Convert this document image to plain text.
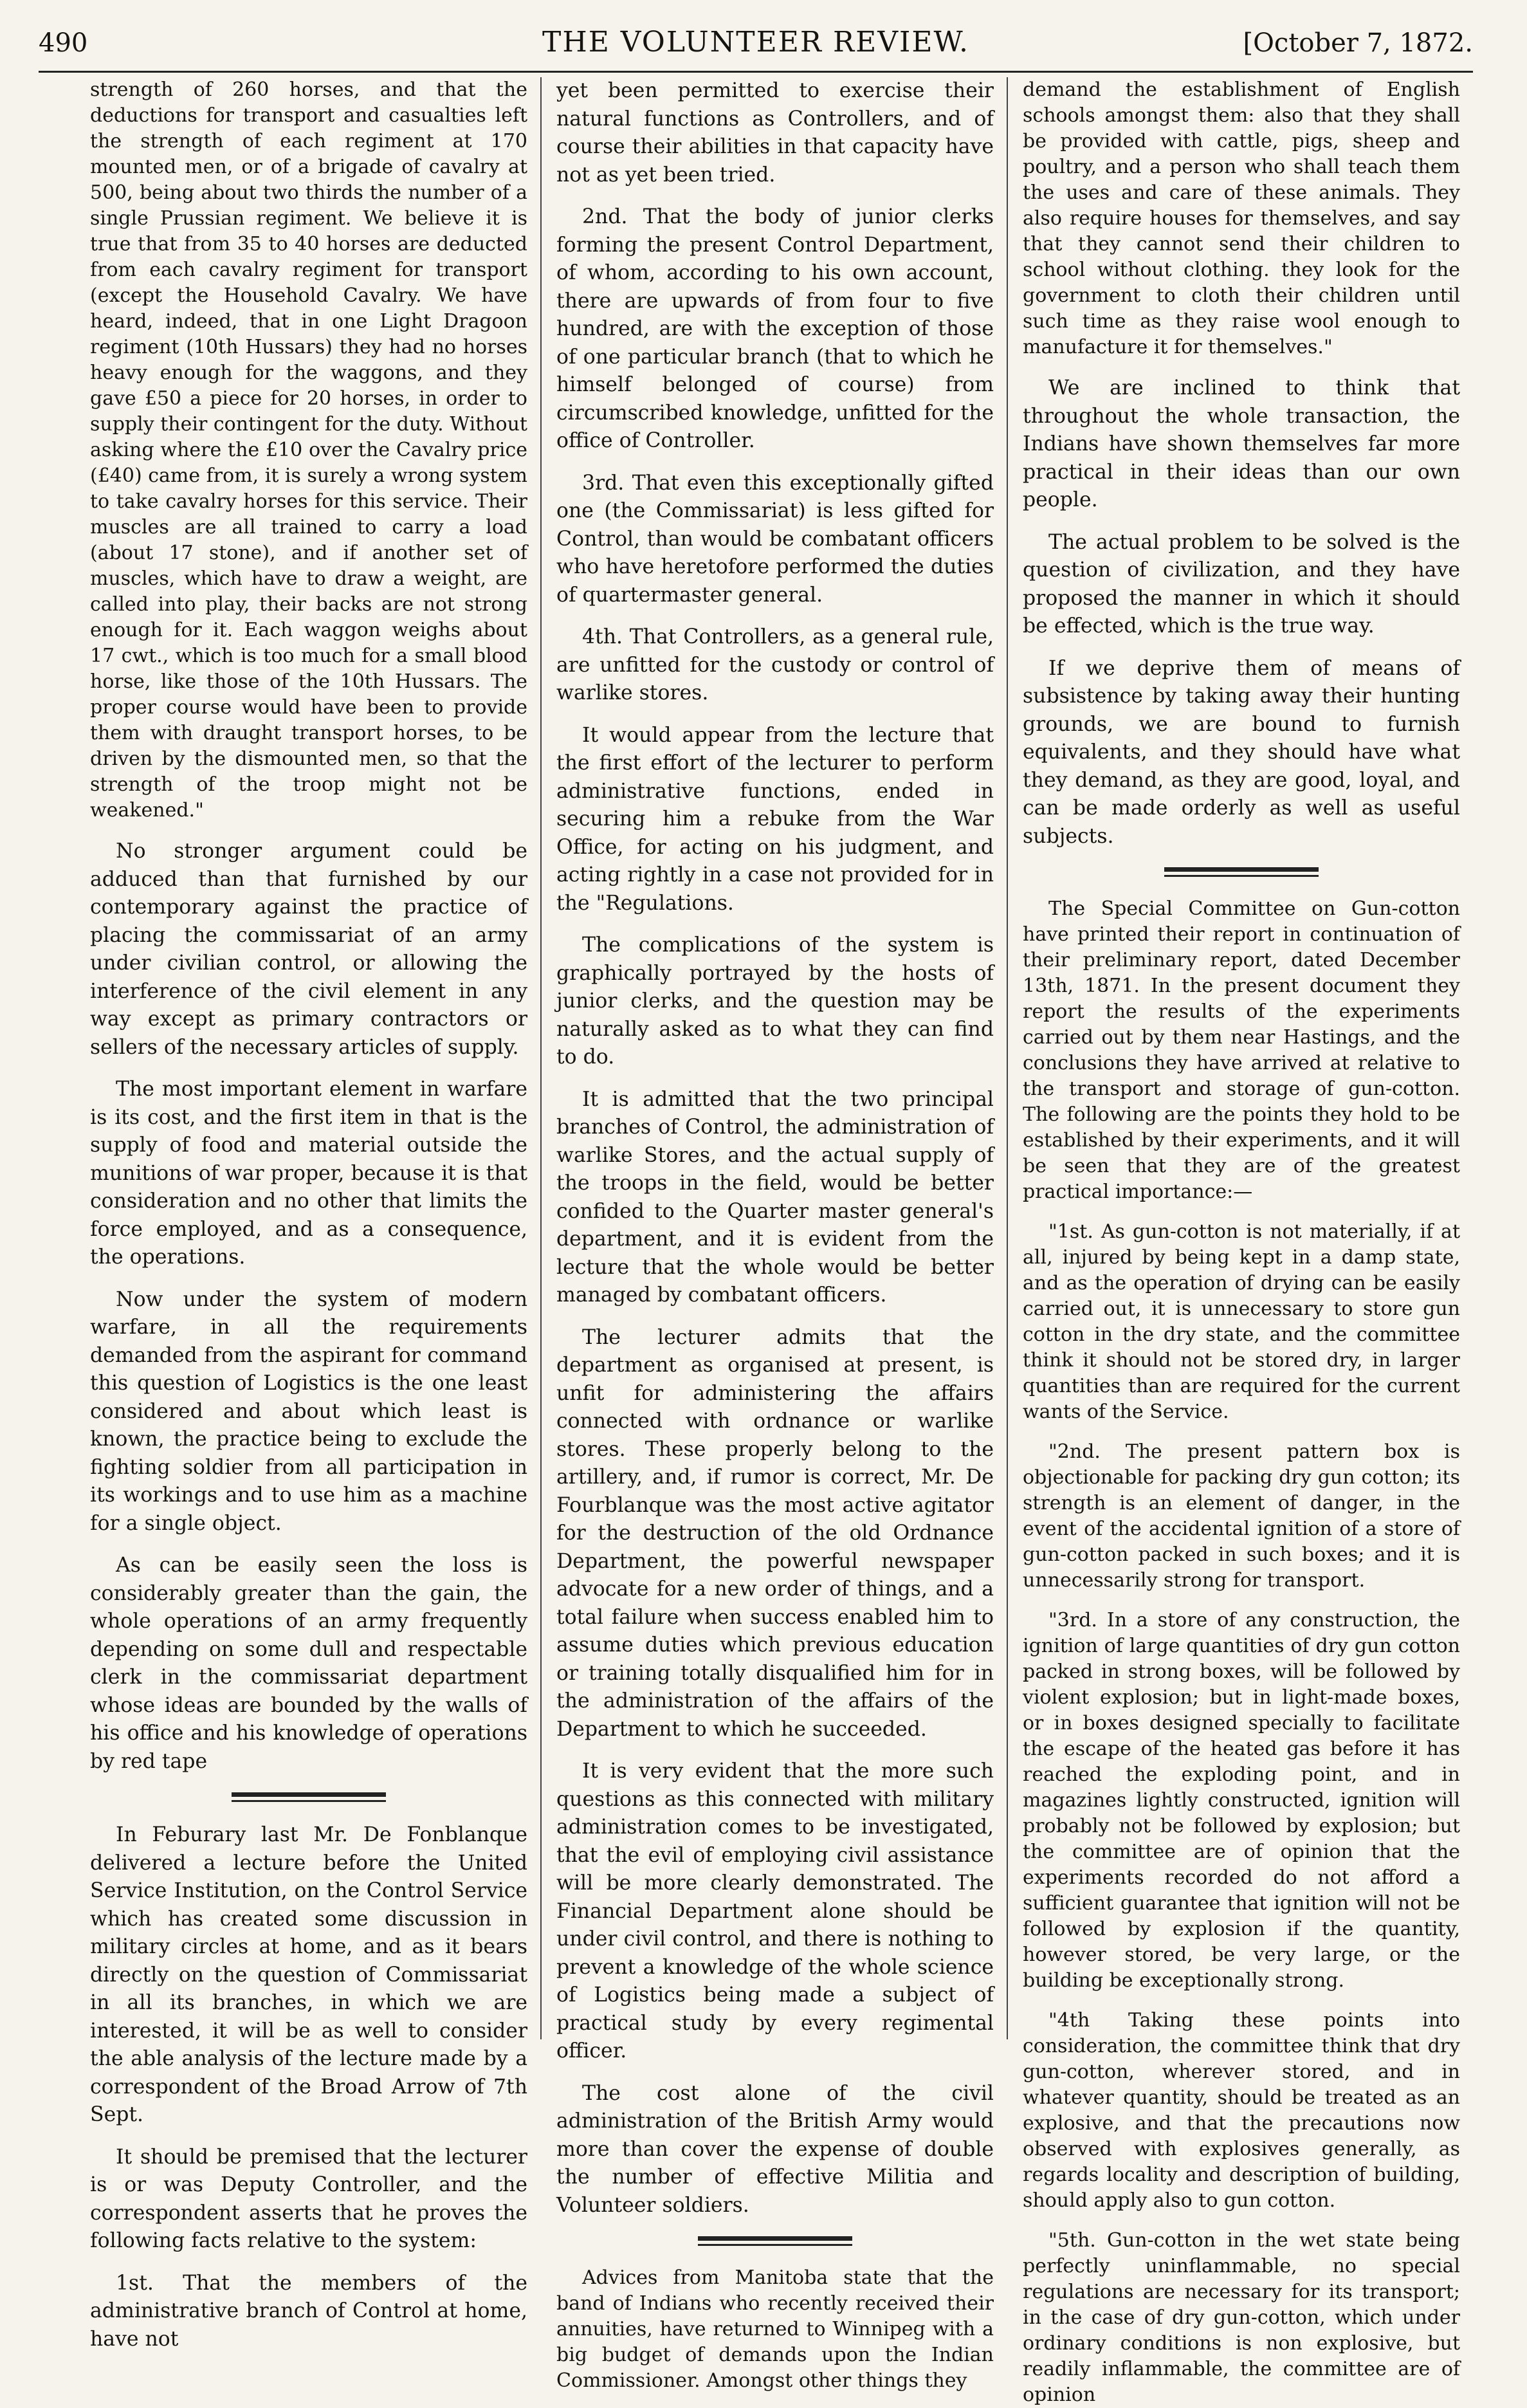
490	THE VOLUNTEER REVIEW.	[October 7, 1872.

strength of 260 horses, and that the deductions for transport and casualties left the strength of each regiment at 170 mounted men, or of a brigade of cavalry at 500, being about two thirds the number of a single Prussian regiment. We believe it is true that from 35 to 40 horses are deducted from each cavalry regiment for transport (except the Household Cavalry. We have heard, indeed, that in one Light Dragoon regiment (10th Hussars) they had no horses heavy enough for the waggons, and they gave £50 a piece for 20 horses, in order to supply their contingent for the duty. Without asking where the £10 over the Cavalry price (£40) came from, it is surely a wrong system to take cavalry horses for this service. Their muscles are all trained to carry a load (about 17 stone), and if another set of muscles, which have to draw a weight, are called into play, their backs are not strong enough for it. Each waggon weighs about 17 cwt., which is too much for a small blood horse, like those of the 10th Hussars. The proper course would have been to provide them with draught transport horses, to be driven by the dismounted men, so that the strength of the troop might not be weakened."

No stronger argument could be adduced than that furnished by our contemporary against the practice of placing the commissariat of an army under civilian control, or allowing the interference of the civil element in any way except as primary contractors or sellers of the necessary articles of supply.

The most important element in warfare is its cost, and the first item in that is the supply of food and material outside the munitions of war proper, because it is that consideration and no other that limits the force employed, and as a consequence, the operations.

Now under the system of modern warfare, in all the requirements demanded from the aspirant for command this question of Logistics is the one least considered and about which least is known, the practice being to exclude the fighting soldier from all participation in its workings and to use him as a machine for a single object.

As can be easily seen the loss is considerably greater than the gain, the whole operations of an army frequently depending on some dull and respectable clerk in the commissariat department whose ideas are bounded by the walls of his office and his knowledge of operations by red tape

In Feburary last Mr. De Fonblanque delivered a lecture before the United Service Institution, on the Control Service which has created some discussion in military circles at home, and as it bears directly on the question of Commissariat in all its branches, in which we are interested, it will be as well to consider the able analysis of the lecture made by a correspondent of the Broad Arrow of 7th Sept.

It should be premised that the lecturer is or was Deputy Controller, and the correspondent asserts that he proves the following facts relative to the system:

1st. That the members of the administrative branch of Control at home, have not

yet been permitted to exercise their natural functions as Controllers, and of course their abilities in that capacity have not as yet been tried.

2nd. That the body of junior clerks forming the present Control Department, of whom, according to his own account, there are upwards of from four to five hundred, are with the exception of those of one particular branch (that to which he himself belonged of course) from circumscribed knowledge, unfitted for the office of Controller.

3rd. That even this exceptionally gifted one (the Commissariat) is less gifted for Control, than would be combatant officers who have heretofore performed the duties of quartermaster general.

4th. That Controllers, as a general rule, are unfitted for the custody or control of warlike stores.

It would appear from the lecture that the first effort of the lecturer to perform administrative functions, ended in securing him a rebuke from the War Office, for acting on his judgment, and acting rightly in a case not provided for in the "Regulations.

The complications of the system is graphically portrayed by the hosts of junior clerks, and the question may be naturally asked as to what they can find to do.

It is admitted that the two principal branches of Control, the administration of warlike Stores, and the actual supply of the troops in the field, would be better confided to the Quarter master general's department, and it is evident from the lecture that the whole would be better managed by combatant officers.

The lecturer admits that the department as organised at present, is unfit for administering the affairs connected with ordnance or warlike stores. These properly belong to the artillery, and, if rumor is correct, Mr. De Fourblanque was the most active agitator for the destruction of the old Ordnance Department, the powerful newspaper advocate for a new order of things, and a total failure when success enabled him to assume duties which previous education or training totally disqualified him for in the administration of the affairs of the Department to which he succeeded.

It is very evident that the more such questions as this connected with military administration comes to be investigated, that the evil of employing civil assistance will be more clearly demonstrated. The Financial Department alone should be under civil control, and there is nothing to prevent a knowledge of the whole science of Logistics being made a subject of practical study by every regimental officer.

The cost alone of the civil administration of the British Army would more than cover the expense of double the number of effective Militia and Volunteer soldiers.

Advices from Manitoba state that the band of Indians who recently received their annuities, have returned to Winnipeg with a big budget of demands upon the Indian Commissioner. Amongst other things they

demand the establishment of English schools amongst them: also that they shall be provided with cattle, pigs, sheep and poultry, and a person who shall teach them the uses and care of these animals. They also require houses for themselves, and say that they cannot send their children to school without clothing. they look for the government to cloth their children until such time as they raise wool enough to manufacture it for themselves."

We are inclined to think that throughout the whole transaction, the Indians have shown themselves far more practical in their ideas than our own people.

The actual problem to be solved is the question of civilization, and they have proposed the manner in which it should be effected, which is the true way.

If we deprive them of means of subsistence by taking away their hunting grounds, we are bound to furnish equivalents, and they should have what they demand, as they are good, loyal, and can be made orderly as well as useful subjects.

The Special Committee on Gun-cotton have printed their report in continuation of their preliminary report, dated December 13th, 1871. In the present document they report the results of the experiments carried out by them near Hastings, and the conclusions they have arrived at relative to the transport and storage of gun-cotton. The following are the points they hold to be established by their experiments, and it will be seen that they are of the greatest practical importance:—

"1st. As gun-cotton is not materially, if at all, injured by being kept in a damp state, and as the operation of drying can be easily carried out, it is unnecessary to store gun cotton in the dry state, and the committee think it should not be stored dry, in larger quantities than are required for the current wants of the Service.

"2nd. The present pattern box is objectionable for packing dry gun cotton; its strength is an element of danger, in the event of the accidental ignition of a store of gun-cotton packed in such boxes; and it is unnecessarily strong for transport.

"3rd. In a store of any construction, the ignition of large quantities of dry gun cotton packed in strong boxes, will be followed by violent explosion; but in light-made boxes, or in boxes designed specially to facilitate the escape of the heated gas before it has reached the exploding point, and in magazines lightly constructed, ignition will probably not be followed by explosion; but the committee are of opinion that the experiments recorded do not afford a sufficient guarantee that ignition will not be followed by explosion if the quantity, however stored, be very large, or the building be exceptionally strong.

"4th Taking these points into consideration, the committee think that dry gun-cotton, wherever stored, and in whatever quantity, should be treated as an explosive, and that the precautions now observed with explosives generally, as regards locality and description of building, should apply also to gun cotton.

"5th. Gun-cotton in the wet state being perfectly uninflammable, no special regulations are necessary for its transport; in the case of dry gun-cotton, which under ordinary conditions is non explosive, but readily inflammable, the committee are of opinion
